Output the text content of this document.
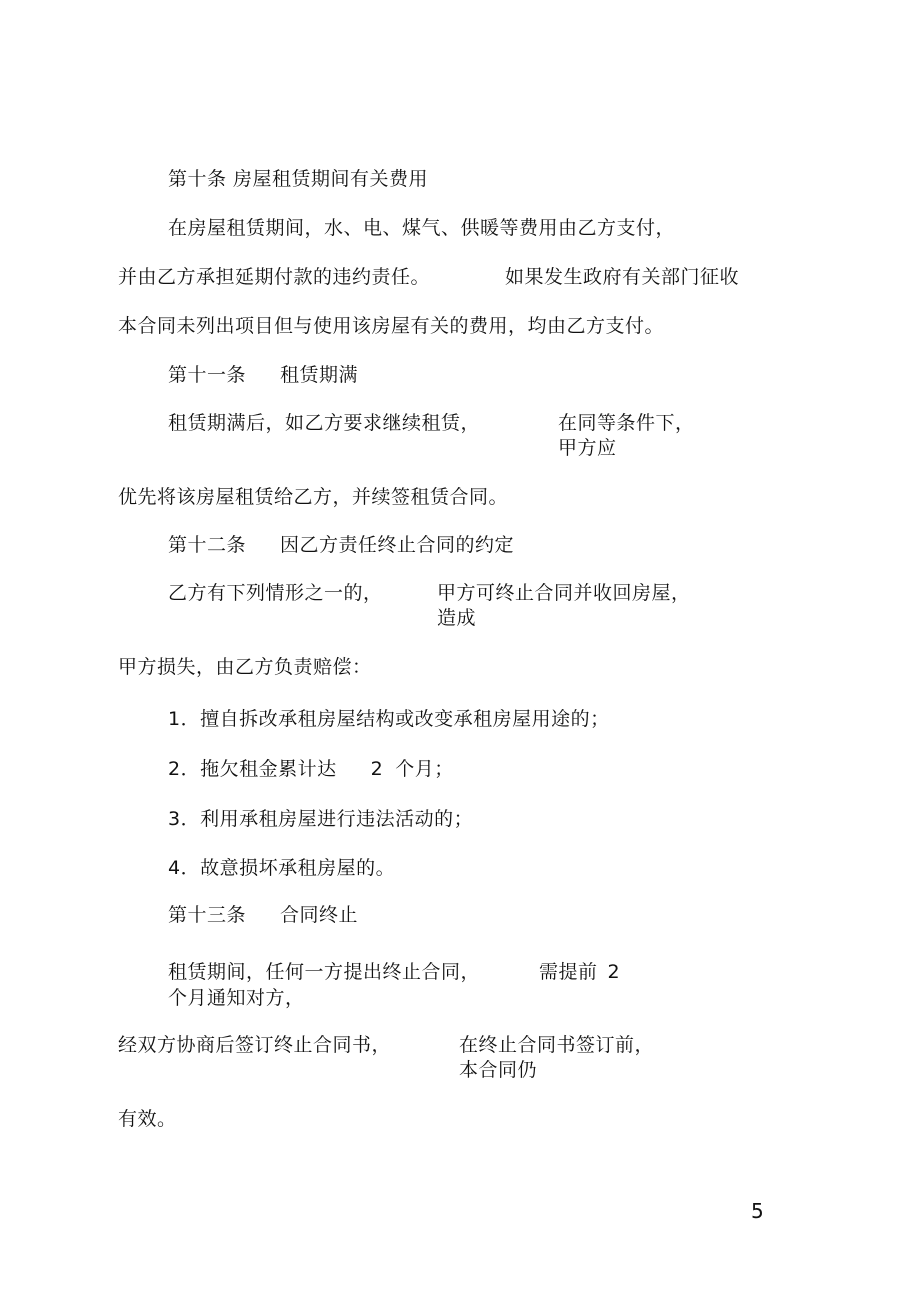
第十条 房屋租赁期间有关费用
在房屋租赁期间，水、电、煤气、供暖等费用由乙方支付，
并由乙方承担延期付款的违约责任。	如果发生政府有关部门征收
本合同未列出项目但与使用该房屋有关的费用，均由乙方支付。
第十一条 租赁期满
租赁期满后，如乙方要求继续租赁，	在同等条件下，
甲方应
优先将该房屋租赁给乙方，并续签租赁合同。
第十二条 因乙方责任终止合同的约定
乙方有下列情形之一的，	甲方可终止合同并收回房屋，
造成
甲方损失，由乙方负责赔偿：
1．擅自拆改承租房屋结构或改变承租房屋用途的；
2．拖欠租金累计达 2 个月；
3．利用承租房屋进行违法活动的；
4．故意损坏承租房屋的。
第十三条 合同终止
租赁期间，任何一方提出终止合同，	需提前 2
个月通知对方，
经双方协商后签订终止合同书，	在终止合同书签订前，
本合同仍
有效。
5
